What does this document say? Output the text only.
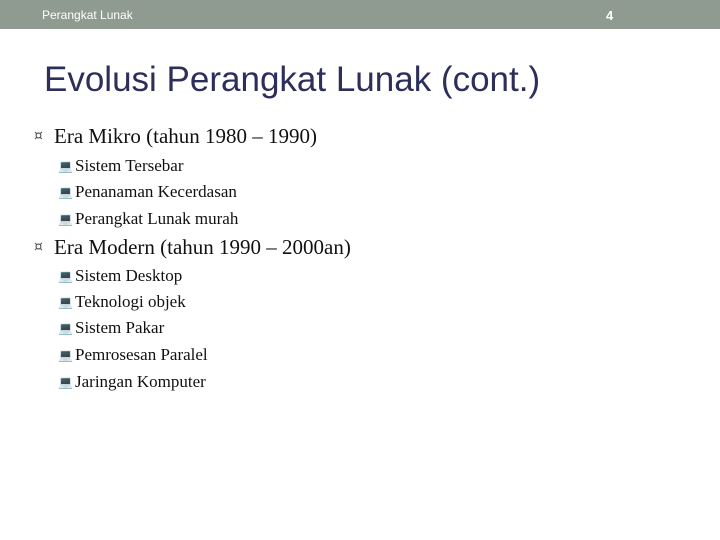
Perangkat Lunak	4
Evolusi Perangkat Lunak (cont.)
¤ Era Mikro (tahun 1980 – 1990)
💻 Sistem Tersebar
💻 Penanaman Kecerdasan
💻 Perangkat Lunak murah
¤ Era Modern (tahun 1990 – 2000an)
💻 Sistem Desktop
💻 Teknologi objek
💻 Sistem Pakar
💻 Pemrosesan Paralel
💻 Jaringan Komputer
